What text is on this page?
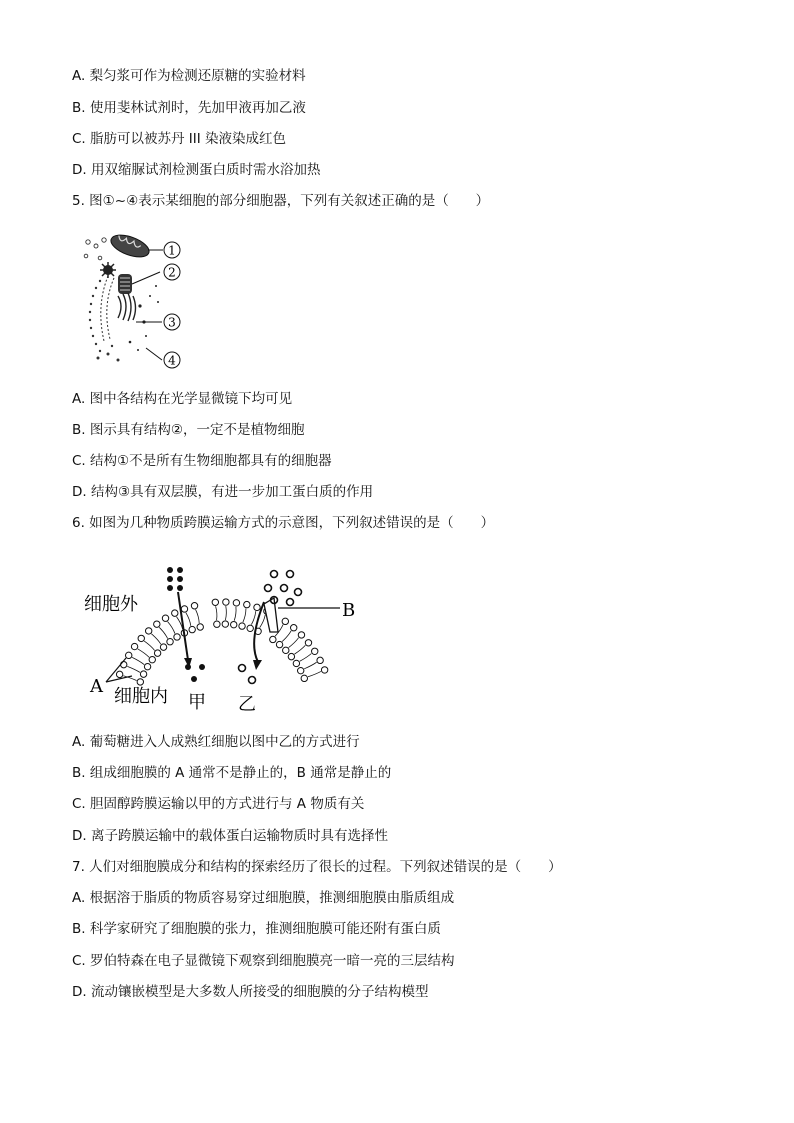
A. 梨匀浆可作为检测还原糖的实验材料
B. 使用斐林试剂时，先加甲液再加乙液
C. 脂肪可以被苏丹 III 染液染成红色
D. 用双缩脲试剂检测蛋白质时需水浴加热
5. 图①~④表示某细胞的部分细胞器，下列有关叙述正确的是（　　）
1
2
3
4
A. 图中各结构在光学显微镜下均可见
B. 图示具有结构②，一定不是植物细胞
C. 结构①不是所有生物细胞都具有的细胞器
D. 结构③具有双层膜，有进一步加工蛋白质的作用
6. 如图为几种物质跨膜运输方式的示意图，下列叙述错误的是（　　）
细胞外
细胞内
A
B
甲 乙
A. 葡萄糖进入人成熟红细胞以图中乙的方式进行
B. 组成细胞膜的 A 通常不是静止的，B 通常是静止的
C. 胆固醇跨膜运输以甲的方式进行与 A 物质有关
D. 离子跨膜运输中的载体蛋白运输物质时具有选择性
7. 人们对细胞膜成分和结构的探索经历了很长的过程。下列叙述错误的是（　　）
A. 根据溶于脂质的物质容易穿过细胞膜，推测细胞膜由脂质组成
B. 科学家研究了细胞膜的张力，推测细胞膜可能还附有蛋白质
C. 罗伯特森在电子显微镜下观察到细胞膜亮一暗一亮的三层结构
D. 流动镶嵌模型是大多数人所接受的细胞膜的分子结构模型
